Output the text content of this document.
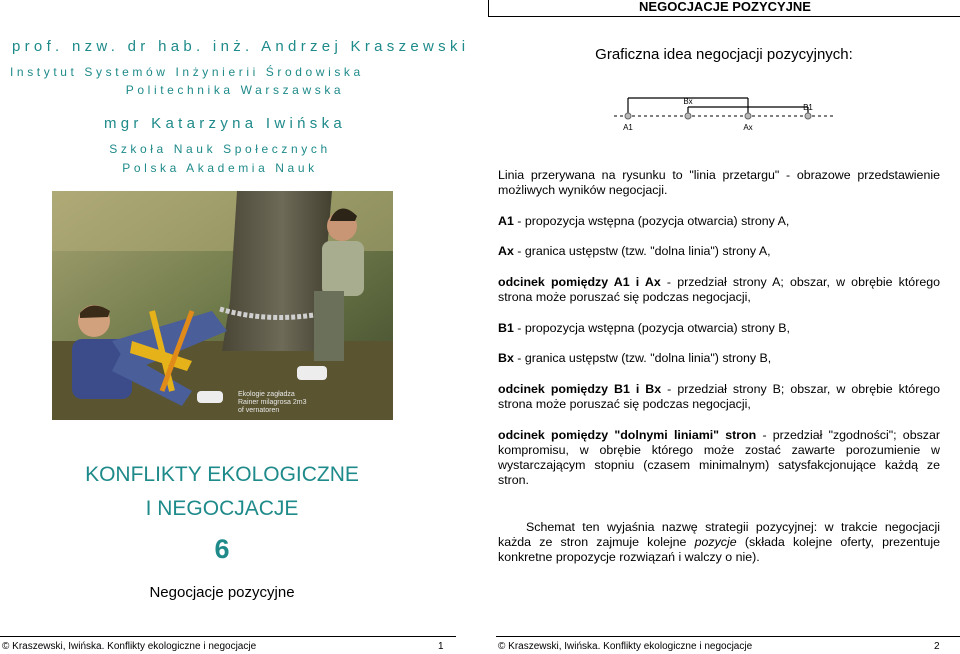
NEGOCJACJE POZYCYJNE
prof. nzw. dr hab. inż. Andrzej Kraszewski
Instytut Systemów Inżynierii Środowiska
Politechnika Warszawska
mgr Katarzyna Iwińska
Szkoła Nauk Społecznych
Polska Akademia Nauk
Ekologie zagładza Rainer milagrosa 2m3 of vernatoren
KONFLIKTY EKOLOGICZNE
I NEGOCJACJE
6
Negocjacje pozycyjne
Graficzna idea negocjacji pozycyjnych:
Bx
B1
A1	Ax
Linia przerywana na rysunku to "linia przetargu" - obrazowe przedstawienie możliwych wyników negocjacji.
A1 - propozycja wstępna (pozycja otwarcia) strony A,
Ax - granica ustępstw (tzw. "dolna linia") strony A,
odcinek pomiędzy A1 i Ax - przedział strony A; obszar, w obrębie którego strona może poruszać się podczas negocjacji,
B1 - propozycja wstępna (pozycja otwarcia) strony B,
Bx - granica ustępstw (tzw. "dolna linia") strony B,
odcinek pomiędzy B1 i Bx - przedział strony B; obszar, w obrębie którego strona może poruszać się podczas negocjacji,
odcinek pomiędzy "dolnymi liniami" stron - przedział "zgodności"; obszar kompromisu, w obrębie którego może zostać zawarte porozumienie w wystarczającym stopniu (czasem minimalnym) satysfakcjonujące każdą ze stron.
Schemat ten wyjaśnia nazwę strategii pozycyjnej: w trakcie negocjacji każda ze stron zajmuje kolejne pozycje (składa kolejne oferty, prezentuje konkretne propozycje rozwiązań i walczy o nie).
© Kraszewski, Iwińska. Konflikty ekologiczne i negocjacje	1	© Kraszewski, Iwińska. Konflikty ekologiczne i negocjacje	2
